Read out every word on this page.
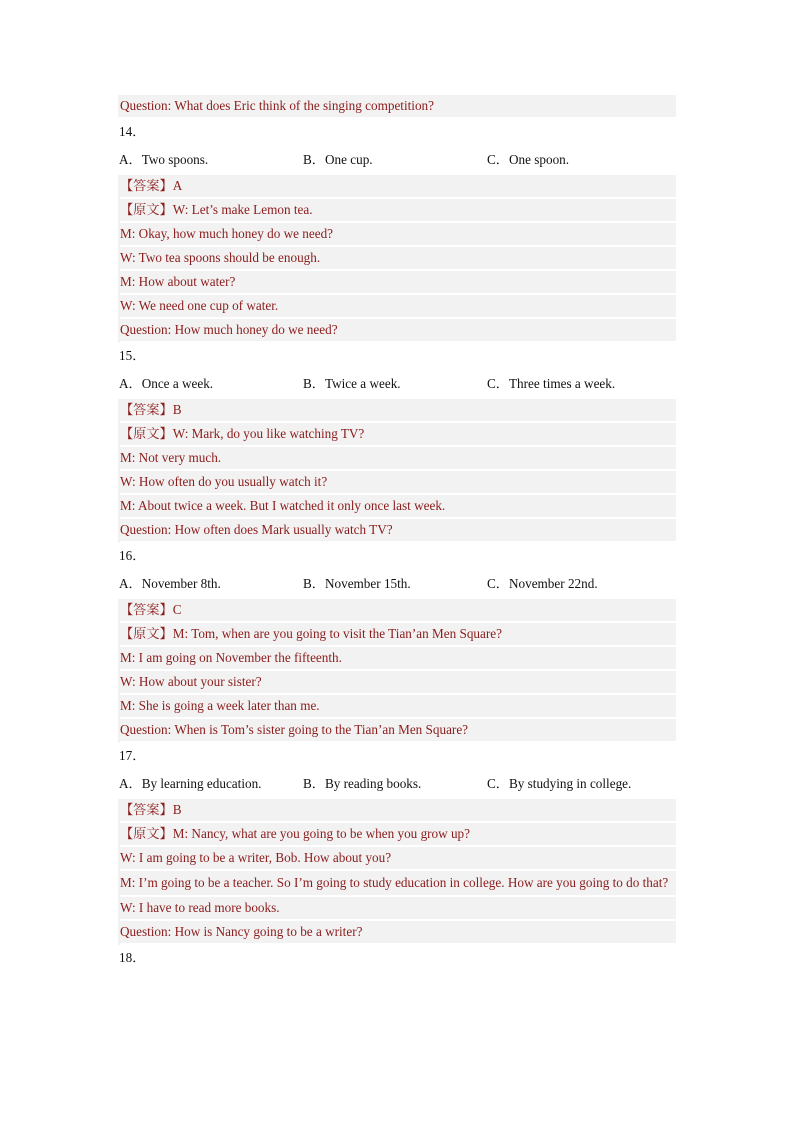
Question: What does Eric think of the singing competition?
14．
A．Two spoons.	B．One cup.	C．One spoon.
【答案】A
【原文】W: Let’s make Lemon tea.
M: Okay, how much honey do we need?
W: Two tea spoons should be enough.
M: How about water?
W: We need one cup of water.
Question: How much honey do we need?
15．
A．Once a week.	B．Twice a week.	C．Three times a week.
【答案】B
【原文】W: Mark, do you like watching TV?
M: Not very much.
W: How often do you usually watch it?
M: About twice a week. But I watched it only once last week.
Question: How often does Mark usually watch TV?
16．
A．November 8th.	B．November 15th.	C．November 22nd.
【答案】C
【原文】M: Tom, when are you going to visit the Tian’an Men Square?
M: I am going on November the fifteenth.
W: How about your sister?
M: She is going a week later than me.
Question: When is Tom’s sister going to the Tian’an Men Square?
17．
A．By learning education.	B．By reading books.	C．By studying in college.
【答案】B
【原文】M: Nancy, what are you going to be when you grow up?
W: I am going to be a writer, Bob. How about you?
M: I’m going to be a teacher. So I’m going to study education in college. How are you going to do that?
W: I have to read more books.
Question: How is Nancy going to be a writer?
18．
